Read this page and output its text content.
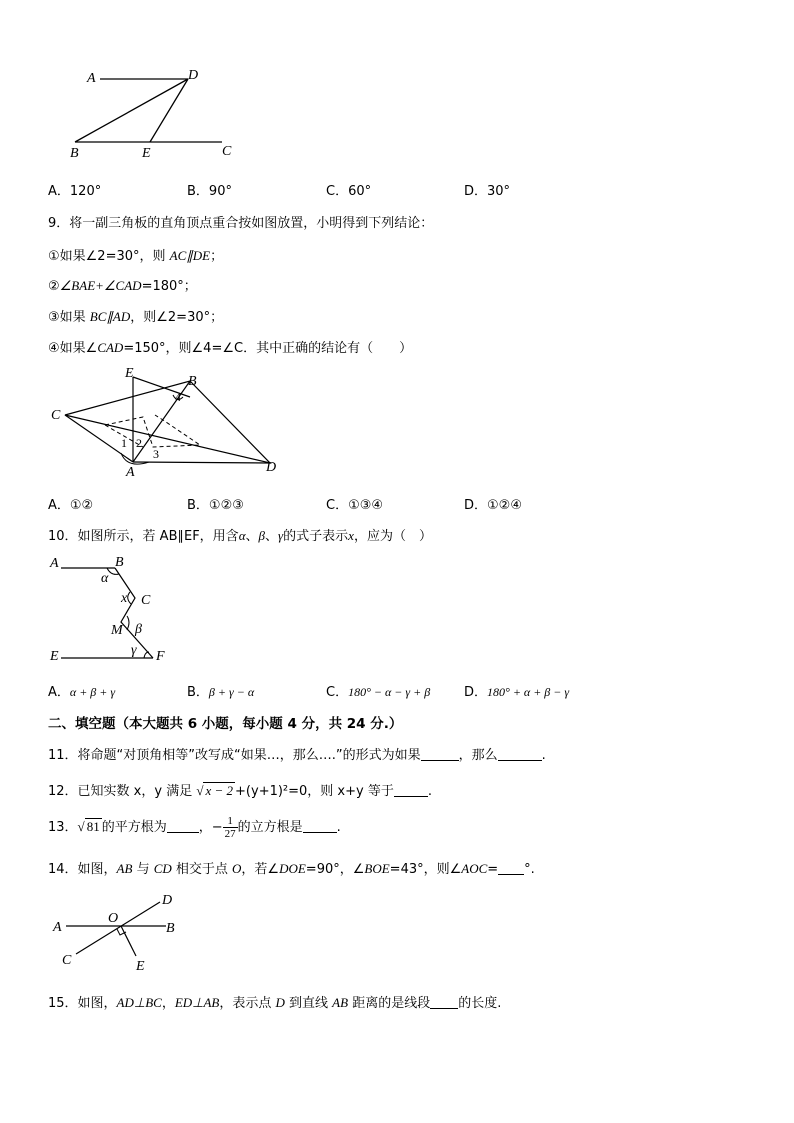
A	D
B	E	C
A．120°	B．90°	C．60°	D．30°
9．将一副三角板的直角顶点重合按如图放置，小明得到下列结论：
①如果∠2=30°，则 AC∥DE；
②∠BAE+∠CAD=180°；
③如果 BC∥AD，则∠2=30°；
④如果∠CAD=150°，则∠4=∠C．其中正确的结论有（　　）
E
B
C
A	D
1 2
3
4
A．①②	B．①②③	C．①③④	D．①②④
10．如图所示，若 AB∥EF，用含α、β、γ的式子表示x，应为（　）
A	B
α
x C
M β
E	γ F
A．α + β + γ	B．β + γ − α	C．180° − α − γ + β	D．180° + α + β − γ
二、填空题（本大题共 6 小题，每小题 4 分，共 24 分.）
11．将命题“对顶角相等”改写成“如果…，那么….”的形式为如果	，那么	.
12．已知实数 x，y 满足 √ x − 2 +(y+1)²=0，则 x+y 等于	.
13．√ 81 的平方根为 ，− $\frac{1}{27}$ 的立方根是	.
14．如图，AB 与 CD 相交于点 O，若∠DOE=90°，∠BOE=43°，则∠AOC= °.
A
O
D
B
C	E
15．如图，AD⊥BC，ED⊥AB，表示点 D 到直线 AB 距离的是线段 的长度.
